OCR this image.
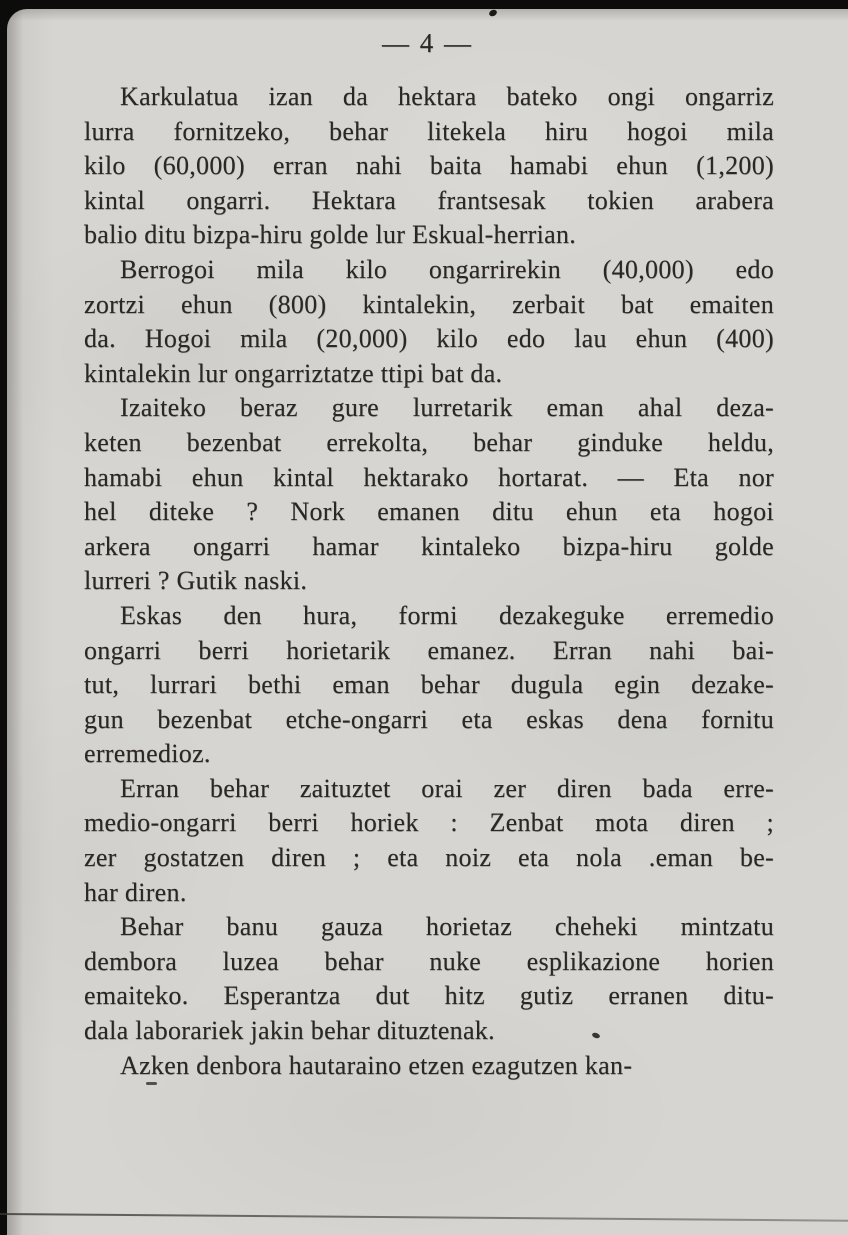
— 4 —
Karkulatua izan da hektara bateko ongi ongarriz
lurra fornitzeko, behar litekela hiru hogoi mila
kilo (60,000) erran nahi baita hamabi ehun (1,200)
kintal ongarri. Hektara frantsesak tokien arabera
balio ditu bizpa-hiru golde lur Eskual-herrian.
Berrogoi mila kilo ongarrirekin (40,000) edo
zortzi ehun (800) kintalekin, zerbait bat emaiten
da. Hogoi mila (20,000) kilo edo lau ehun (400)
kintalekin lur ongarriztatze ttipi bat da.
Izaiteko beraz gure lurretarik eman ahal deza-
keten bezenbat errekolta, behar ginduke heldu,
hamabi ehun kintal hektarako hortarat. — Eta nor
hel diteke ? Nork emanen ditu ehun eta hogoi
arkera ongarri hamar kintaleko bizpa-hiru golde
lurreri ? Gutik naski.
Eskas den hura, formi dezakeguke erremedio
ongarri berri horietarik emanez. Erran nahi bai-
tut, lurrari bethi eman behar dugula egin dezake-
gun bezenbat etche-ongarri eta eskas dena fornitu
erremedioz.
Erran behar zaituztet orai zer diren bada erre-
medio-ongarri berri horiek : Zenbat mota diren ;
zer gostatzen diren ; eta noiz eta nola .eman be-
har diren.
Behar banu gauza horietaz cheheki mintzatu
dembora luzea behar nuke esplikazione horien
emaiteko. Esperantza dut hitz gutiz erranen ditu-
dala laborariek jakin behar dituztenak.
Azken denbora hautaraino etzen ezagutzen kan-
